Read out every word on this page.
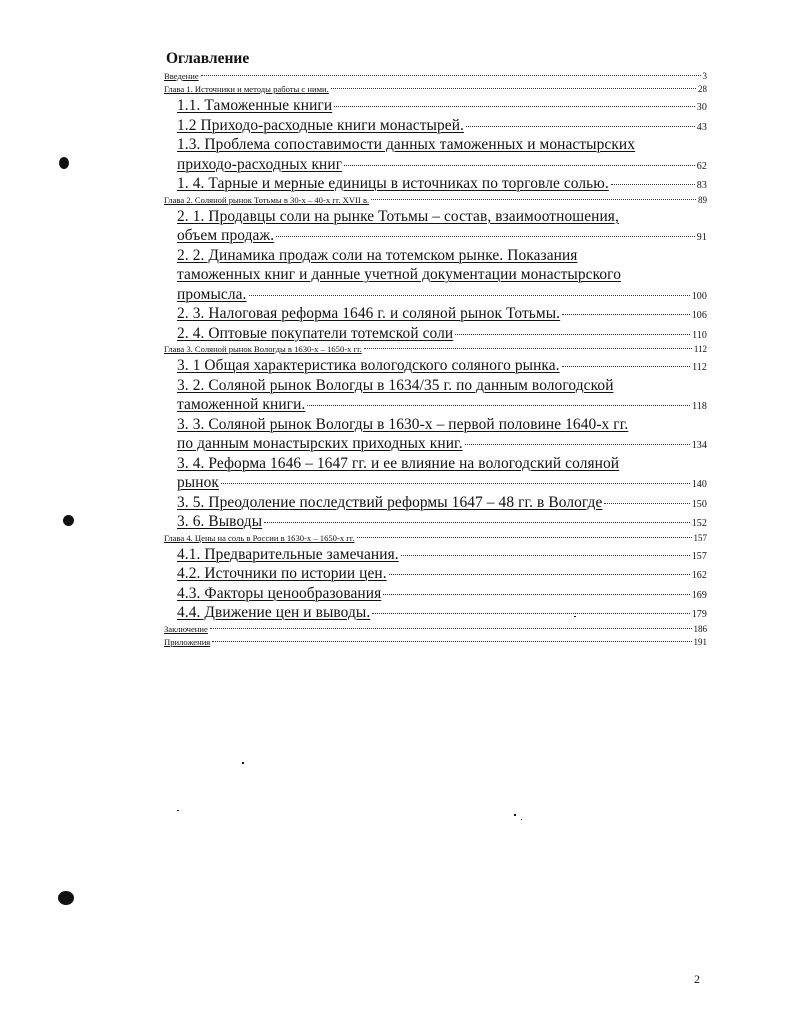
Оглавление
Введение	3
Глава 1. Источники и методы работы с ними.	28
1.1. Таможенные книги	30
1.2 Приходо-расходные книги монастырей.	43
1.3. Проблема сопоставимости данных таможенных и монастырских
приходо-расходных книг	62
1. 4. Тарные и мерные единицы в источниках по торговле солью.	83
Глава 2. Соляной рынок Тотьмы в 30-х – 40-х гг. XVII в.	89
2. 1. Продавцы соли на рынке Тотьмы – состав, взаимоотношения,
объем продаж.	91
2. 2. Динамика продаж соли на тотемском рынке. Показания
таможенных книг и данные учетной документации монастырского
промысла.	100
2. 3. Налоговая реформа 1646 г. и соляной рынок Тотьмы.	106
2. 4. Оптовые покупатели тотемской соли	110
Глава 3. Соляной рынок Вологды в 1630-х – 1650-х гг.	112
3. 1 Общая характеристика вологодского соляного рынка.	112
3. 2. Соляной рынок Вологды в 1634/35 г. по данным вологодской
таможенной книги.	118
3. 3. Соляной рынок Вологды в 1630-х – первой половине 1640-х гг.
по данным монастырских приходных книг.	134
3. 4. Реформа 1646 – 1647 гг. и ее влияние на вологодский соляной
рынок	140
3. 5. Преодоление последствий реформы 1647 – 48 гг. в Вологде	150
3. 6. Выводы	152
Глава 4. Цены на соль в России в 1630-х – 1650-х гг.	157
4.1. Предварительные замечания.	157
4.2. Источники по истории цен.	162
4.3. Факторы ценообразования	169
4.4. Движение цен и выводы.	179
Заключение	186
Приложения	191
2
